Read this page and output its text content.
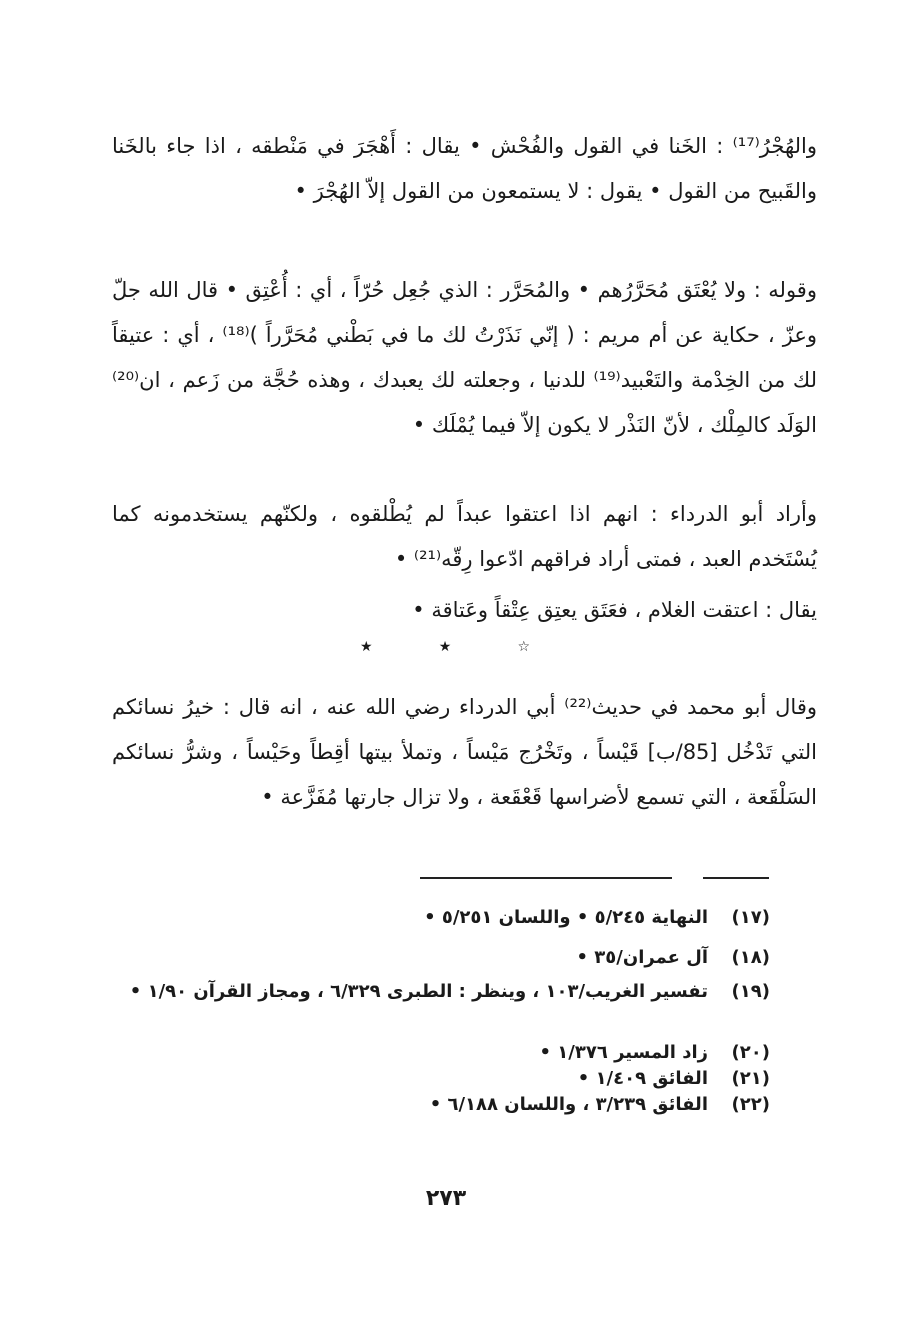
والهُجْرُ⁽¹⁷⁾ : الخَنا في القول والفُحْش • يقال : أَهْجَرَ في مَنْطقه ، اذا جاء بالخَنا والقَبيح من القول • يقول : لا يستمعون من القول إلاّ الهُجْرَ •

وقوله : ولا يُعْتَق مُحَرَّرُهم • والمُحَرَّر : الذي جُعِل حُرّاً ، أي : أُعْتِق • قال الله جلّ وعزّ ، حكاية عن أم مريم : ( إنّي نَذَرْتُ لك ما في بَطْني مُحَرَّراً )⁽¹⁸⁾ ، أي : عتيقاً لك من الخِدْمة والتَعْبيد⁽¹⁹⁾ للدنيا ، وجعلته لك يعبدك ، وهذه حُجَّة من زَعم ، ان⁽²⁰⁾ الوَلَد كالمِلْك ، لأنّ النَذْر لا يكون إلاّ فيما يُمْلَك •

وأراد أبو الدرداء : انهم اذا اعتقوا عبداً لم يُطْلقوه ، ولكنّهم يستخدمونه كما يُسْتَخدم العبد ، فمتى أراد فراقهم ادّعوا رِقّه⁽²¹⁾ •

يقال : اعتقت الغلام ، فعَتَق يعتِق عِتْقاً وعَتاقة •

★	★	☆

وقال أبو محمد في حديث⁽²²⁾ أبي الدرداء رضي الله عنه ، انه قال : خيرُ نسائكم التي تَدْخُل [85/ب] قَيْساً ، وتَخْرُج مَيْساً ، وتملأ بيتها أقِطاً وحَيْساً ، وشرُّ نسائكم السَلْقَعة ، التي تسمع لأضراسها قَعْقَعة ، ولا تزال جارتها مُفَزَّعة •

(١٧)
النهاية ٥/٢٤٥ • واللسان ٥/٢٥١ •
(١٨)
آل عمران/٣٥ •
(١٩)
تفسير الغريب/١٠٣ ، وينظر : الطبرى ٦/٣٢٩ ، ومجاز القرآن ١/٩٠ •
(٢٠)
زاد المسير ١/٣٧٦ •
(٢١)
الفائق ١/٤٠٩ •
(٢٢)
الفائق ٣/٢٣٩ ، واللسان ٦/١٨٨ •
٢٧٣
